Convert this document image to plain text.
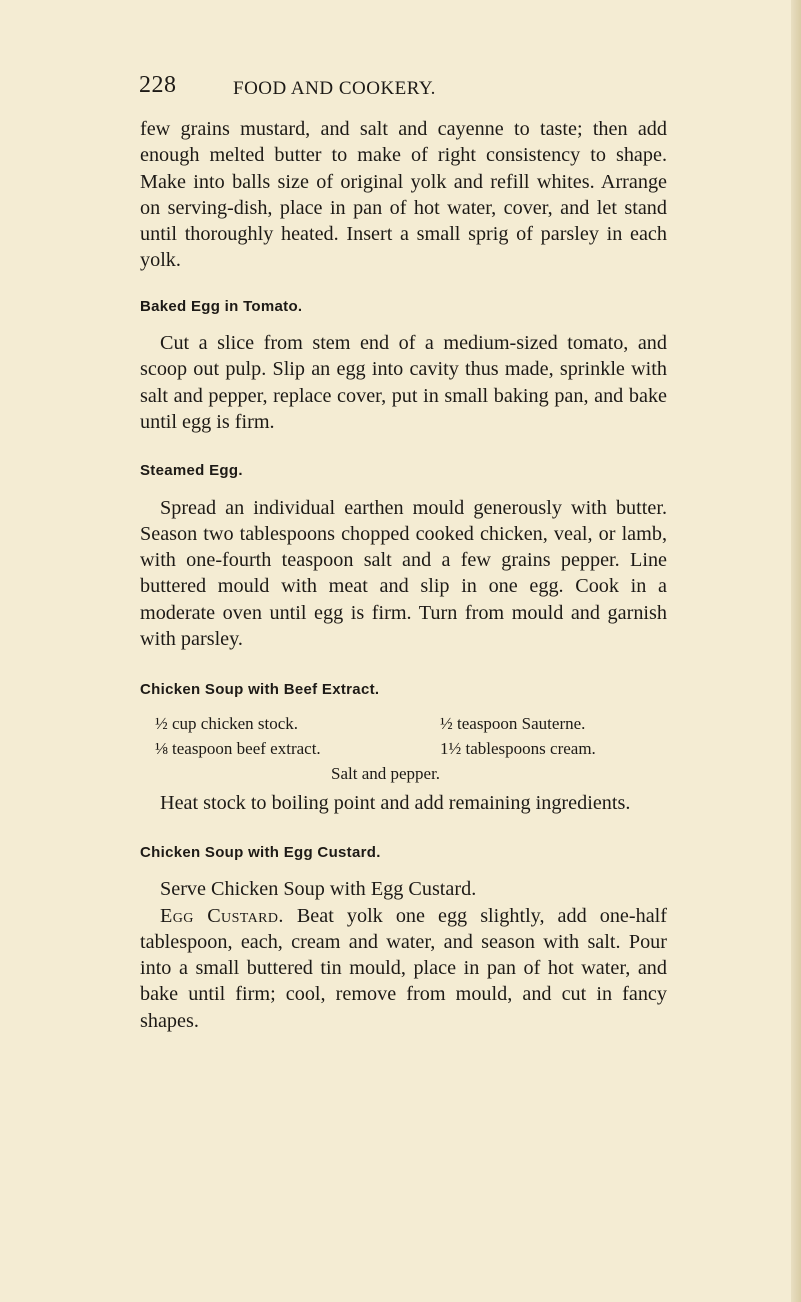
228	FOOD AND COOKERY.

few grains mustard, and salt and cayenne to taste; then add enough melted butter to make of right consistency to shape. Make into balls size of original yolk and refill whites. Arrange on serving-dish, place in pan of hot water, cover, and let stand until thoroughly heated. Insert a small sprig of parsley in each yolk.

Baked Egg in Tomato.

Cut a slice from stem end of a medium-sized tomato, and scoop out pulp. Slip an egg into cavity thus made, sprinkle with salt and pepper, replace cover, put in small baking pan, and bake until egg is firm.

Steamed Egg.

Spread an individual earthen mould generously with butter. Season two tablespoons chopped cooked chicken, veal, or lamb, with one-fourth teaspoon salt and a few grains pepper. Line buttered mould with meat and slip in one egg. Cook in a moderate oven until egg is firm. Turn from mould and garnish with parsley.

Chicken Soup with Beef Extract.

½ cup chicken stock.	½ teaspoon Sauterne.
⅛ teaspoon beef extract.	1½ tablespoons cream.
Salt and pepper.

Heat stock to boiling point and add remaining ingredients.

Chicken Soup with Egg Custard.

Serve Chicken Soup with Egg Custard.

Egg Custard. Beat yolk one egg slightly, add one-half tablespoon, each, cream and water, and season with salt. Pour into a small buttered tin mould, place in pan of hot water, and bake until firm; cool, remove from mould, and cut in fancy shapes.
